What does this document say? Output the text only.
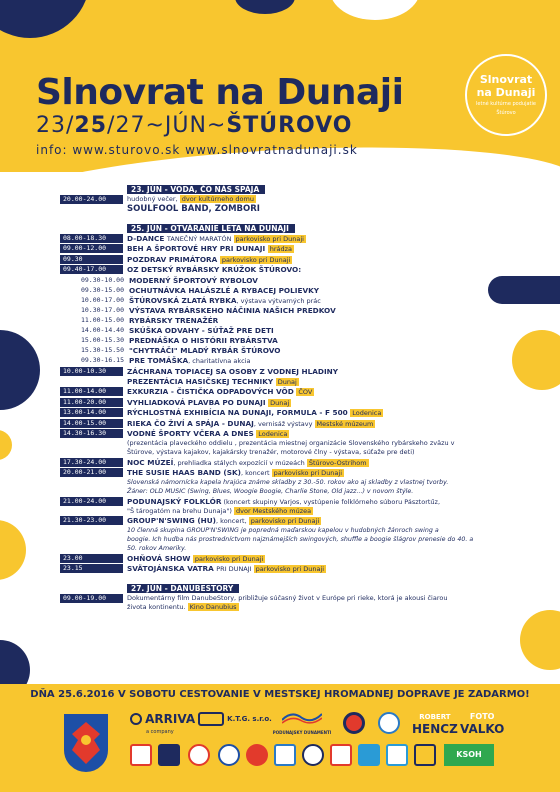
Slnovrat na Dunaji
23/25/27~JÚN~ŠTÚROVO
info: www.sturovo.sk www.slnovratnadunaji.sk
Slnovrat
na Dunaji
letné kultúrne podujatie
Štúrovo
23. JÚN - VODA, ČO NÁS SPÁJA
20.00-24.00	hudobný večer, dvor kultúrneho domu
SOULFOOL BAND, ZOMBORI
25. JÚN - OTVÁRANIE LETA NA DUNAJI
08.00-18.30	D-DANCE TANEČNÝ MARATÓN parkovisko pri Dunaji
09.00-12.00	BEH A ŠPORTOVÉ HRY PRI DUNAJI hrádza
09.30	POZDRAV PRIMÁTORA parkovisko pri Dunaji
09.40-17.00	OZ DETSKÝ RYBÁRSKY KRÚŽOK ŠTÚROVO:
09.30-10.00 MODERNÝ ŠPORTOVÝ RYBOLOV
09.30-15.00 OCHUTNÁVKA HALÁSZLÉ A RYBACEJ POLIEVKY
10.00-17.00 ŠTÚROVSKÁ ZLATÁ RYBKA, výstava výtvarných prác
10.30-17.00 VÝSTAVA RYBÁRSKEHO NÁČINIA NAŠICH PREDKOV
11.00-15.00 RYBÁRSKY TRENAŽÉR
14.00-14.40 SKÚŠKA ODVAHY - SÚŤAŽ PRE DETI
15.00-15.30 PREDNÁŠKA O HISTÓRII RYBÁRSTVA
15.30-15.50 "CHYTRÁČI" MLADÝ RYBÁR ŠTÚROVO
09.30-16.15 PRE TOMÁŠKA, charitatívna akcia
10.00-10.30	ZÁCHRANA TOPIACEJ SA OSOBY Z VODNEJ HLADINY
PREZENTÁCIA HASIČSKEJ TECHNIKY Dunaj
11.00-14.00	EXKURZIA - ČISTIČKA ODPADOVÝCH VÔD ČOV
11.00-20.00	VYHLIADKOVÁ PLAVBA PO DUNAJI Dunaj
13.00-14.00	RÝCHLOSTNÁ EXHIBÍCIA NA DUNAJI, FORMULA - F 500 Lodenica
14.00-15.00	RIEKA ČO ŽIVÍ A SPÁJA - DUNAJ, vernisáž výstavy Mestské múzeum
14.30-16.30	VODNÉ ŠPORTY VČERA A DNES Lodenica
(prezentácia plaveckého oddielu , prezentácia miestnej organizácie Slovenského rybárskeho zväzu v
Štúrove, výstava kajakov, kajakársky trenažér, motorové člny - výstava, súťaže pre deti)
17.30-24.00	NOC MÚZEÍ, prehliadka stálych expozícií v múzeách Štúrovo-Ostrihom
20.00-21.00	THE SUSIE HAAS BAND (SK), koncert parkovisko pri Dunaji
Slovenská námornícka kapela hrajúca známe skladby z 30.-50. rokov ako aj skladby z vlastnej tvorby.
Žáner: OLD MUSIC (Swing, Blues, Woogie Boogie, Charlie Stone, Old jazz...) v novom štýle.
21.00-24.00	PODUNAJSKÝ FOLKLÓR (koncert skupiny Varjos, vystúpenie folklórneho súboru Pásztortűz,
"Š tárogatóm na brehu Dunaja") dvor Mestského múzea
21.30-23.00	GROUP'N'SWING (HU), koncert, parkovisko pri Dunaji
10 členná skupina GROUP'N'SWING je popredná maďarskou kapelou v hudobných žánroch swing a
boogie. Ich hudba nás prostredníctvom najznámejších swingových, shuffle a boogie šlágrov prenesie do 40. a
50. rokov Ameriky.
23.00	OHŇOVÁ SHOW parkovisko pri Dunaji
23.15	SVÄTOJÁNSKA VATRA PRI DUNAJI parkovisko pri Dunaji
27. JÚN - DANUBESTORY
09.00-19.00	Dokumentárny film DanubeStory, približuje súčasný život v Európe pri rieke, ktorá je akousi čiarou
života kontinentu. Kino Danubius
DŇA 25.6.2016 V SOBOTU CESTOVANIE V MESTSKEJ HROMADNEJ DOPRAVE JE ZADARMO!
ARRIVA
a company
K.T.G. s.r.o.

PODUNAJSKÝ DUNAMENTI
ROBERT
HENCZ
FOTO
VALKO
KSOH
